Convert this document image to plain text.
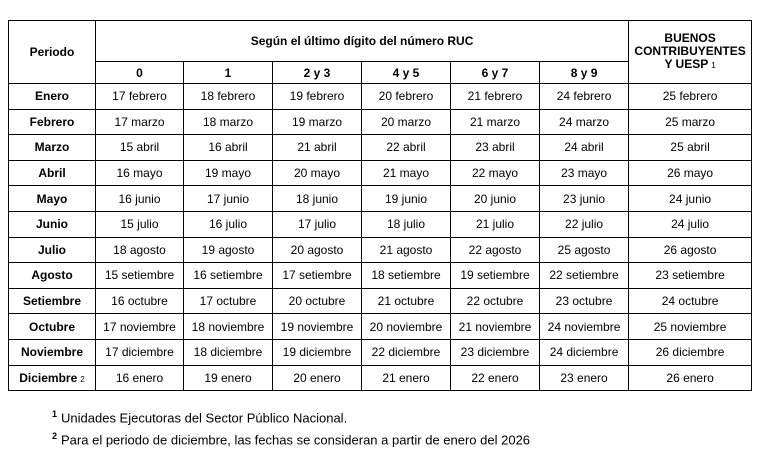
Periodo	Según el último dígito del número RUC						BUENOS
CONTRIBUYENTES
Y UESP 1
	0	1	2 y 3	4 y 5	6 y 7	8 y 9	
Enero	17 febrero	18 febrero	19 febrero	20 febrero	21 febrero	24 febrero	25 febrero
Febrero	17 marzo	18 marzo	19 marzo	20 marzo	21 marzo	24 marzo	25 marzo
Marzo	15 abril	16 abril	21 abril	22 abril	23 abril	24 abril	25 abril
Abril	16 mayo	19 mayo	20 mayo	21 mayo	22 mayo	23 mayo	26 mayo
Mayo	16 junio	17 junio	18 junio	19 junio	20 junio	23 junio	24 junio
Junio	15 julio	16 julio	17 julio	18 julio	21 julio	22 julio	24 julio
Julio	18 agosto	19 agosto	20 agosto	21 agosto	22 agosto	25 agosto	26 agosto
Agosto	15 setiembre	16 setiembre	17 setiembre	18 setiembre	19 setiembre	22 setiembre	23 setiembre
Setiembre	16 octubre	17 octubre	20 octubre	21 octubre	22 octubre	23 octubre	24 octubre
Octubre	17 noviembre	18 noviembre	19 noviembre	20 noviembre	21 noviembre	24 noviembre	25 noviembre
Noviembre	17 diciembre	18 diciembre	19 diciembre	22 diciembre	23 diciembre	24 diciembre	26 diciembre
Diciembre 2	16 enero	19 enero	20 enero	21 enero	22 enero	23 enero	26 enero
$^1$ Unidades Ejecutoras del Sector Público Nacional.
$^2$ Para el periodo de diciembre, las fechas se consideran a partir de enero del 2026
